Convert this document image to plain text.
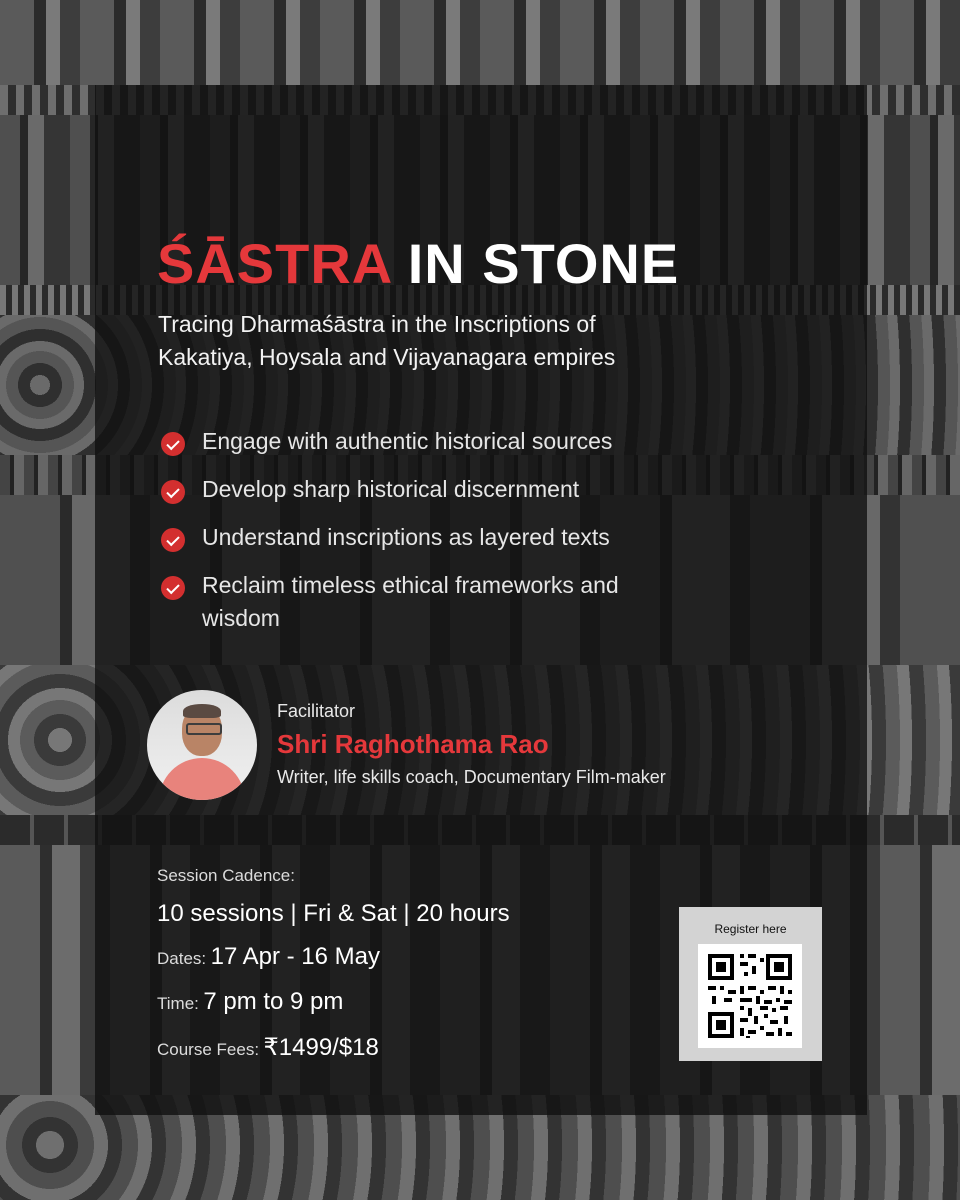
ŚĀSTRA IN STONE
Tracing Dharmaśāstra in the Inscriptions of
Kakatiya, Hoysala and Vijayanagara empires
Engage with authentic historical sources
Develop sharp historical discernment
Understand inscriptions as layered texts
Reclaim timeless ethical frameworks and wisdom
Facilitator
Shri Raghothama Rao
Writer, life skills coach, Documentary Film-maker
Session Cadence:
10 sessions | Fri & Sat | 20 hours
Dates: 17 Apr - 16 May
Time: 7 pm to 9 pm
Course Fees: ₹1499/$18
Register here
